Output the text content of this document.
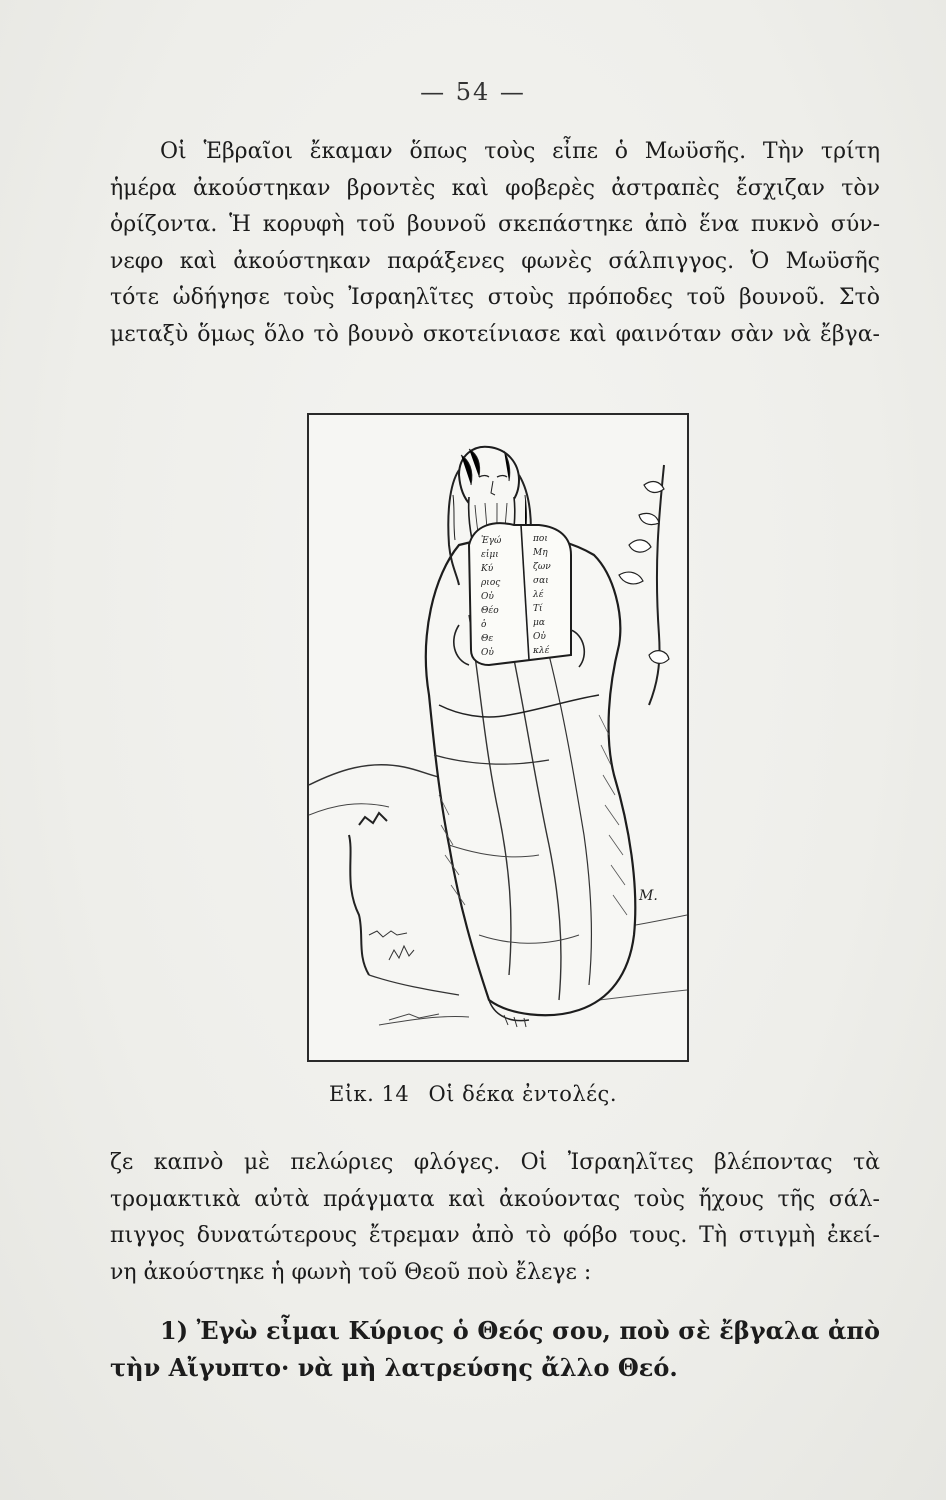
— 54 —
Οἱ Ἑβραῖοι ἔκαμαν ὅπως τοὺς εἶπε ὁ Μωϋσῆς. Τὴν τρίτη
ἡμέρα ἀκούστηκαν βροντὲς καὶ φοβερὲς ἀστραπὲς ἔσχιζαν τὸν
ὁρίζοντα. Ἡ κορυφὴ τοῦ βουνοῦ σκεπάστηκε ἀπὸ ἕνα πυκνὸ σύν-
νεφο καὶ ἀκούστηκαν παράξενες φωνὲς σάλπιγγος. Ὁ Μωϋσῆς
τότε ὡδήγησε τοὺς Ἰσραηλῖτες στοὺς πρόποδες τοῦ βουνοῦ. Στὸ
μεταξὺ ὅμως ὅλο τὸ βουνὸ σκοτείνιασε καὶ φαινόταν σὰν νὰ ἔβγα-
M.
Ἐγώ
εἰμι
Κύ
ριος
Οὐ
Θέο
ὁ
Θε
Οὐ
ποι
Μη
ζων
σαι
λέ
Τί
μα
Οὐ
κλέ
Εἰκ. 14 Οἱ δέκα ἐντολές.
ζε καπνὸ μὲ πελώριες φλόγες. Οἱ Ἰσραηλῖτες βλέποντας τὰ
τρομακτικὰ αὐτὰ πράγματα καὶ ἀκούοντας τοὺς ἤχους τῆς σάλ-
πιγγος δυνατώτερους ἔτρεμαν ἀπὸ τὸ φόβο τους. Τὴ στιγμὴ ἐκεί-
νη ἀκούστηκε ἡ φωνὴ τοῦ Θεοῦ ποὺ ἔλεγε :
1) Ἐγὼ εἶμαι Κύριος ὁ Θεός σου, ποὺ σὲ ἔβγαλα ἀπὸ
τὴν Αἴγυπτο· νὰ μὴ λατρεύσης ἄλλο Θεό.
